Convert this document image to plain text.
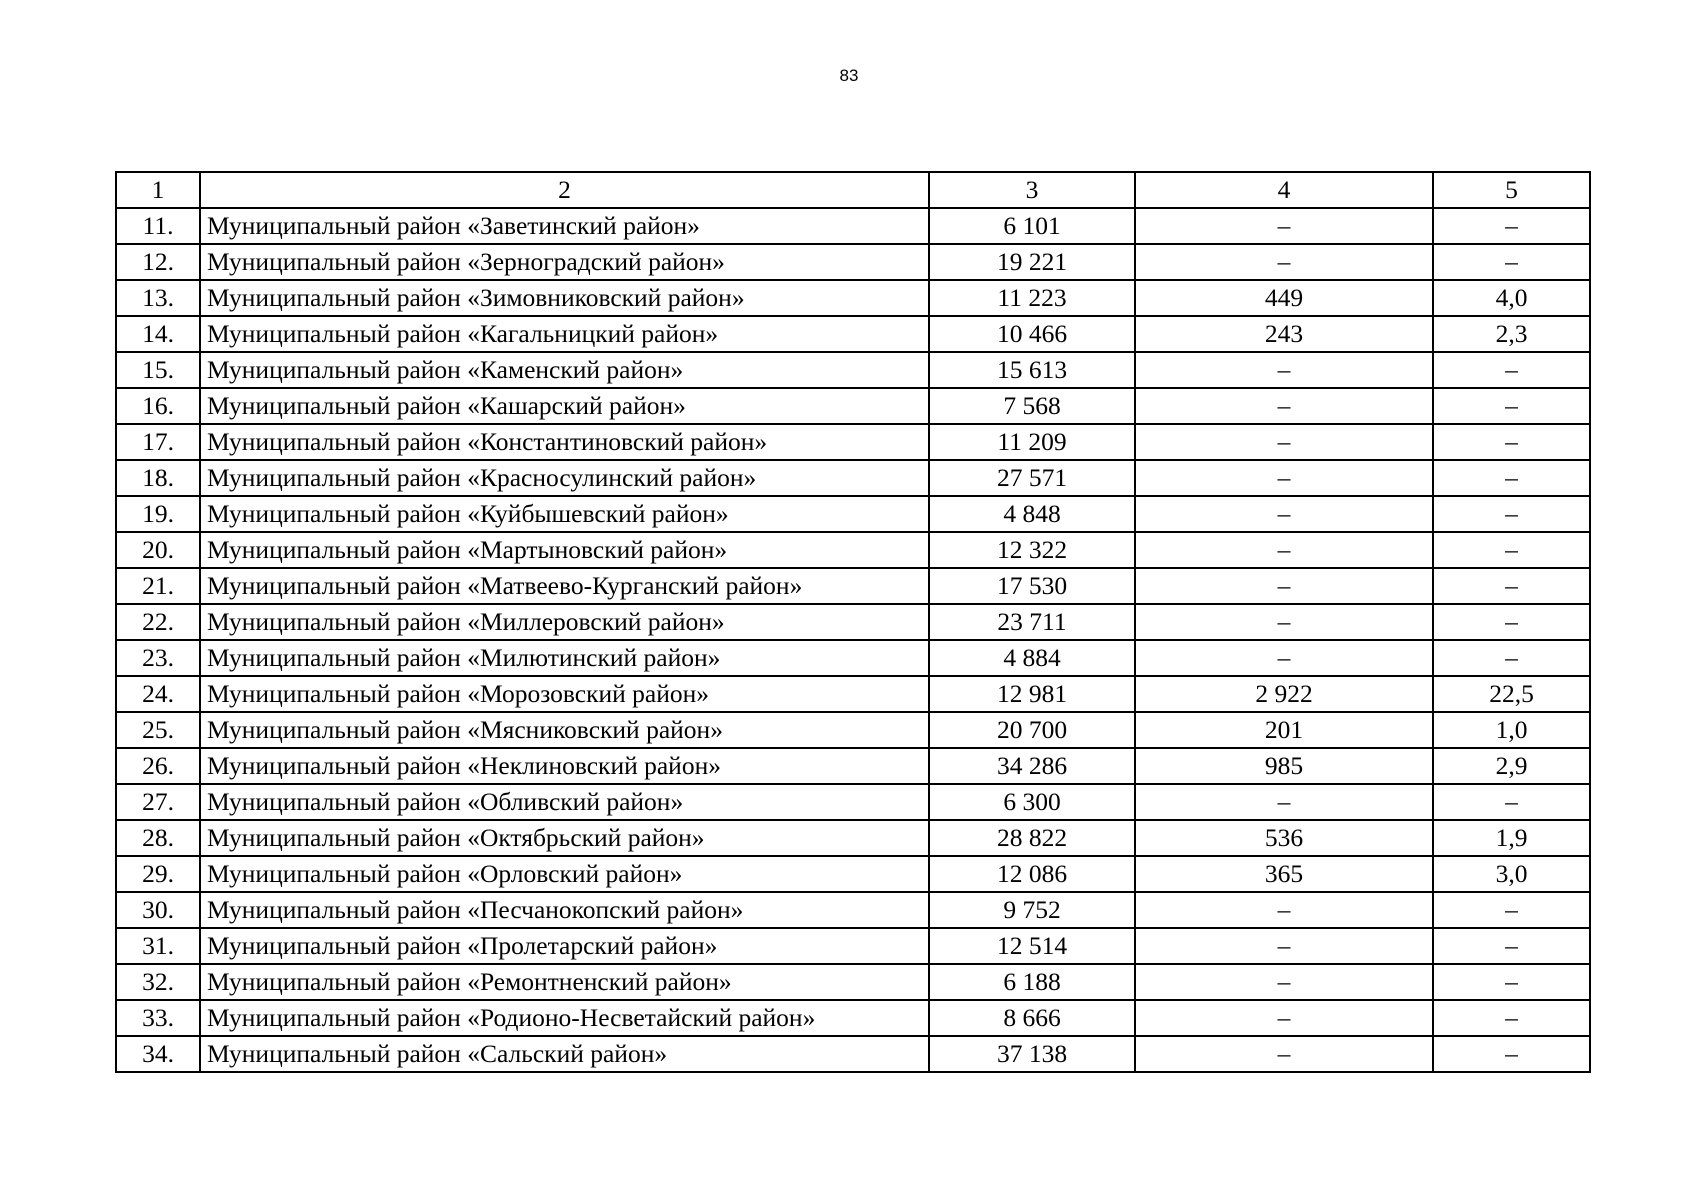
83
1	2	3	4	5
11.	Муниципальный район «Заветинский район»	6 101	–	–
12.	Муниципальный район «Зерноградский район»	19 221	–	–
13.	Муниципальный район «Зимовниковский район»	11 223	449	4,0
14.	Муниципальный район «Кагальницкий район»	10 466	243	2,3
15.	Муниципальный район «Каменский район»	15 613	–	–
16.	Муниципальный район «Кашарский район»	7 568	–	–
17.	Муниципальный район «Константиновский район»	11 209	–	–
18.	Муниципальный район «Красносулинский район»	27 571	–	–
19.	Муниципальный район «Куйбышевский район»	4 848	–	–
20.	Муниципальный район «Мартыновский район»	12 322	–	–
21.	Муниципальный район «Матвеево-Курганский район»	17 530	–	–
22.	Муниципальный район «Миллеровский район»	23 711	–	–
23.	Муниципальный район «Милютинский район»	4 884	–	–
24.	Муниципальный район «Морозовский район»	12 981	2 922	22,5
25.	Муниципальный район «Мясниковский район»	20 700	201	1,0
26.	Муниципальный район «Неклиновский район»	34 286	985	2,9
27.	Муниципальный район «Обливский район»	6 300	–	–
28.	Муниципальный район «Октябрьский район»	28 822	536	1,9
29.	Муниципальный район «Орловский район»	12 086	365	3,0
30.	Муниципальный район «Песчанокопский район»	9 752	–	–
31.	Муниципальный район «Пролетарский район»	12 514	–	–
32.	Муниципальный район «Ремонтненский район»	6 188	–	–
33.	Муниципальный район «Родионо-Несветайский район»	8 666	–	–
34.	Муниципальный район «Сальский район»	37 138	–	–
